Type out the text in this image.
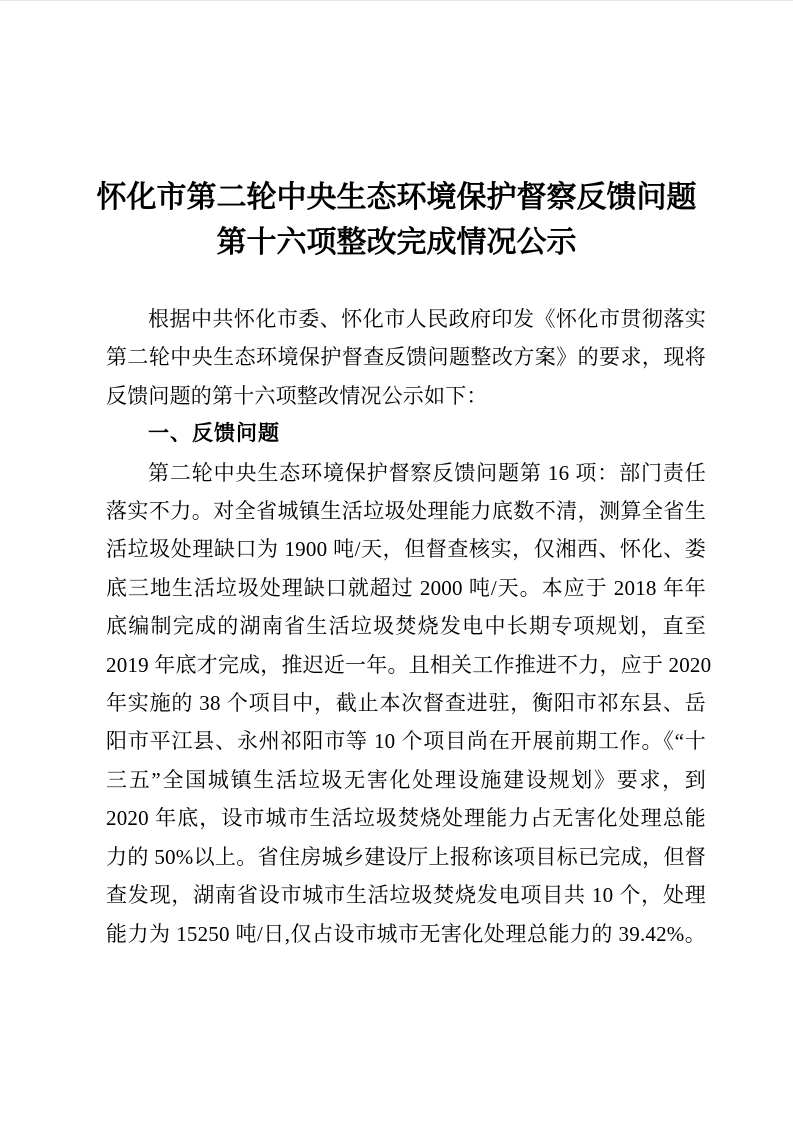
怀化市第二轮中央生态环境保护督察反馈问题
第十六项整改完成情况公示
根据中共怀化市委、怀化市人民政府印发《怀化市贯彻落实
第二轮中央生态环境保护督查反馈问题整改方案》的要求，现将
反馈问题的第十六项整改情况公示如下：
一、反馈问题
第二轮中央生态环境保护督察反馈问题第 16 项：部门责任
落实不力。对全省城镇生活垃圾处理能力底数不清，测算全省生
活垃圾处理缺口为 1900 吨/天，但督查核实，仅湘西、怀化、娄
底三地生活垃圾处理缺口就超过 2000 吨/天。本应于 2018 年年
底编制完成的湖南省生活垃圾焚烧发电中长期专项规划，直至
2019 年底才完成，推迟近一年。且相关工作推进不力，应于 2020
年实施的 38 个项目中，截止本次督查进驻，衡阳市祁东县、岳
阳市平江县、永州祁阳市等 10 个项目尚在开展前期工作。《“十
三五”全国城镇生活垃圾无害化处理设施建设规划》要求，到
2020 年底，设市城市生活垃圾焚烧处理能力占无害化处理总能
力的 50%以上。省住房城乡建设厅上报称该项目标已完成，但督
查发现，湖南省设市城市生活垃圾焚烧发电项目共 10 个，处理
能力为 15250 吨/日,仅占设市城市无害化处理总能力的 39.42%。
